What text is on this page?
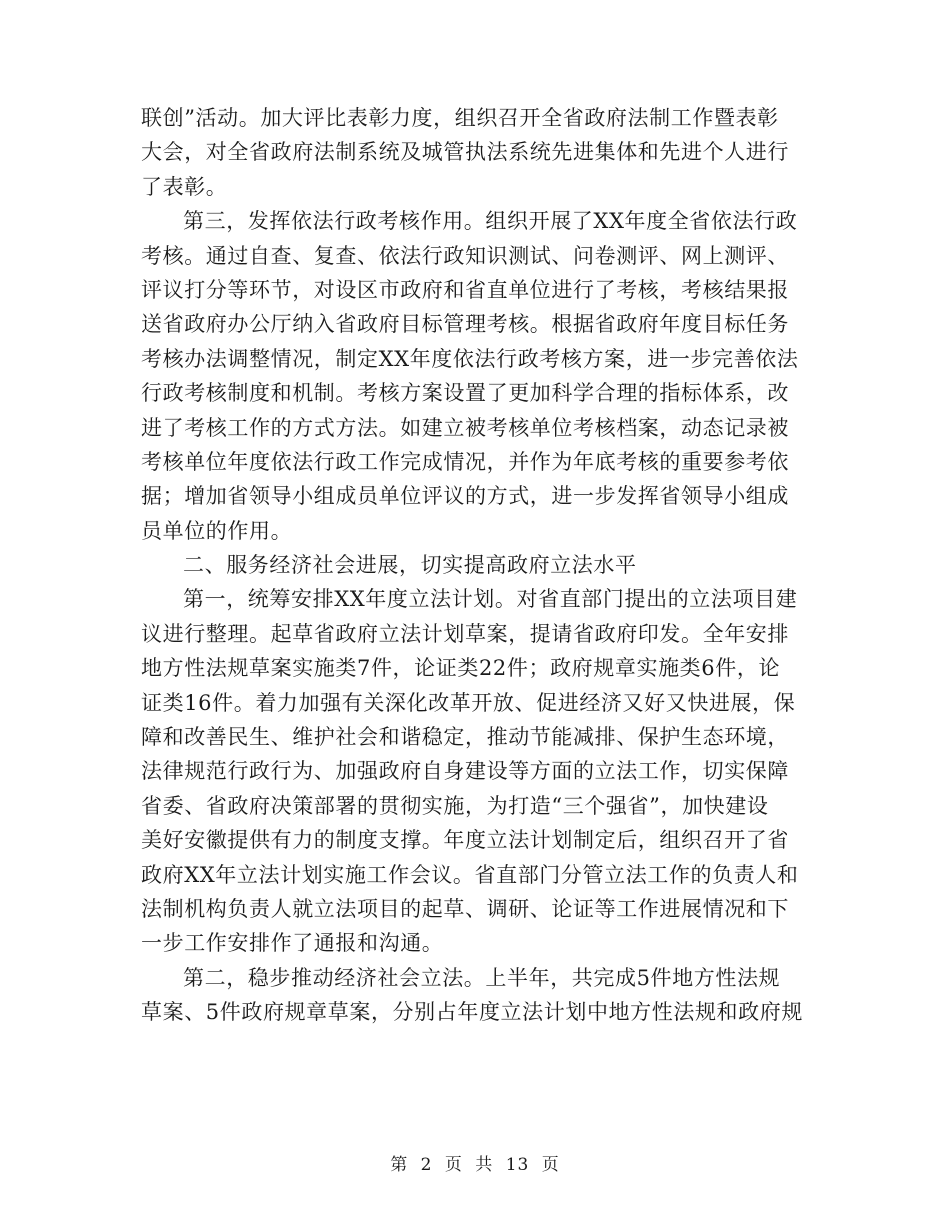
联创”活动。加大评比表彰力度，组织召开全省政府法制工作暨表彰
大会，对全省政府法制系统及城管执法系统先进集体和先进个人进行
了表彰。
第三，发挥依法行政考核作用。组织开展了XX年度全省依法行政
考核。通过自查、复查、依法行政知识测试、问卷测评、网上测评、
评议打分等环节，对设区市政府和省直单位进行了考核，考核结果报
送省政府办公厅纳入省政府目标管理考核。根据省政府年度目标任务
考核办法调整情况，制定XX年度依法行政考核方案，进一步完善依法
行政考核制度和机制。考核方案设置了更加科学合理的指标体系，改
进了考核工作的方式方法。如建立被考核单位考核档案，动态记录被
考核单位年度依法行政工作完成情况，并作为年底考核的重要参考依
据；增加省领导小组成员单位评议的方式，进一步发挥省领导小组成
员单位的作用。
二、服务经济社会进展，切实提高政府立法水平
第一，统筹安排XX年度立法计划。对省直部门提出的立法项目建
议进行整理。起草省政府立法计划草案，提请省政府印发。全年安排
地方性法规草案实施类7件，论证类22件；政府规章实施类6件，论
证类16件。着力加强有关深化改革开放、促进经济又好又快进展，保
障和改善民生、维护社会和谐稳定，推动节能减排、保护生态环境，
法律规范行政行为、加强政府自身建设等方面的立法工作，切实保障
省委、省政府决策部署的贯彻实施，为打造“三个强省”，加快建设
美好安徽提供有力的制度支撑。年度立法计划制定后，组织召开了省
政府XX年立法计划实施工作会议。省直部门分管立法工作的负责人和
法制机构负责人就立法项目的起草、调研、论证等工作进展情况和下
一步工作安排作了通报和沟通。
第二，稳步推动经济社会立法。上半年，共完成5件地方性法规
草案、5件政府规章草案，分别占年度立法计划中地方性法规和政府规
第 2 页 共 13 页
